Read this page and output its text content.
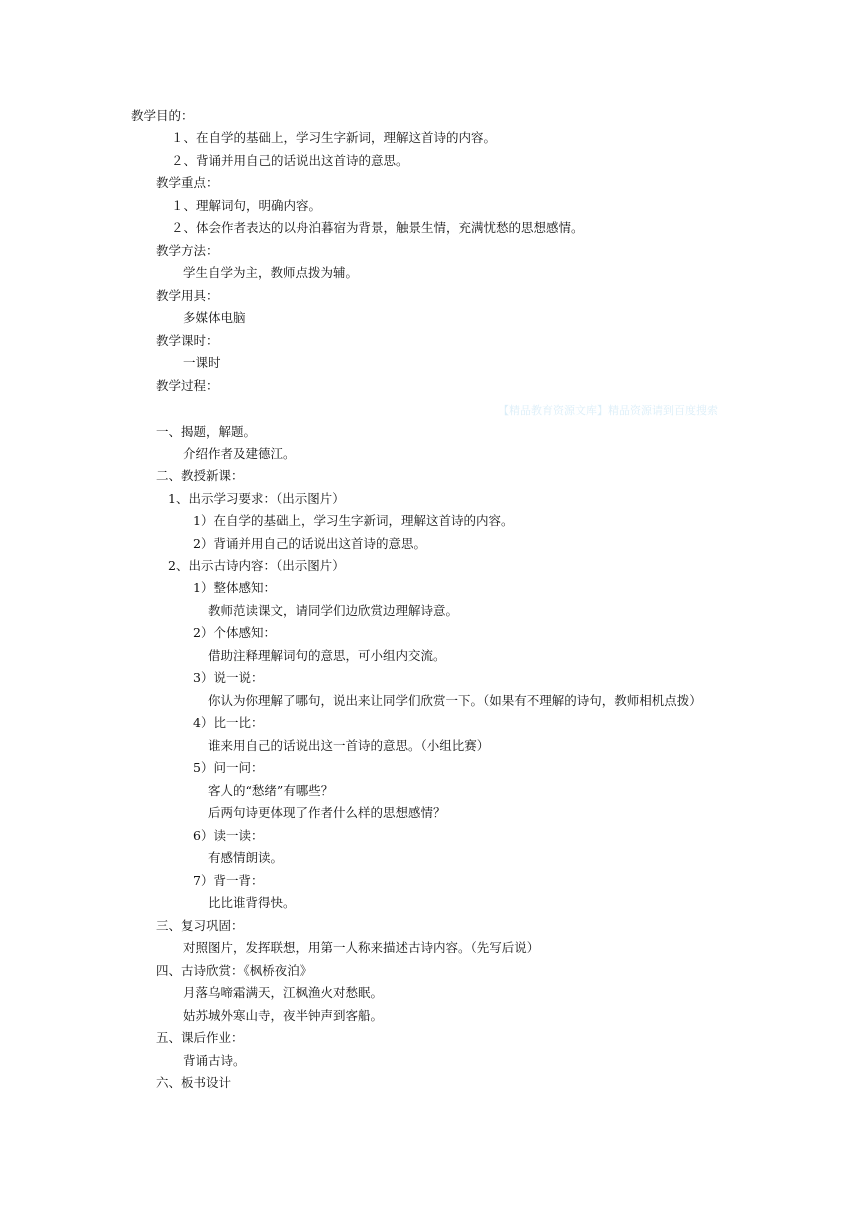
教学目的：
１、在自学的基础上，学习生字新词，理解这首诗的内容。
２、背诵并用自己的话说出这首诗的意思。
教学重点：
１、理解词句，明确内容。
２、体会作者表达的以舟泊暮宿为背景，触景生情，充满忧愁的思想感情。
教学方法：
学生自学为主，教师点拨为辅。
教学用具：
多媒体电脑
教学课时：
一课时
教学过程：
【精品教育资源文库】精品资源请到百度搜索
一、揭题，解题。
介绍作者及建德江。
二、教授新课：
1、出示学习要求：（出示图片）
1）在自学的基础上，学习生字新词，理解这首诗的内容。
2）背诵并用自己的话说出这首诗的意思。
2、出示古诗内容：（出示图片）
1）整体感知：
教师范读课文，请同学们边欣赏边理解诗意。
2）个体感知：
借助注释理解词句的意思，可小组内交流。
3）说一说：
你认为你理解了哪句，说出来让同学们欣赏一下。（如果有不理解的诗句，教师相机点拨）
4）比一比：
谁来用自己的话说出这一首诗的意思。（小组比赛）
5）问一问：
客人的“愁绪”有哪些？
后两句诗更体现了作者什么样的思想感情？
6）读一读：
有感情朗读。
7）背一背：
比比谁背得快。
三、复习巩固：
对照图片，发挥联想，用第一人称来描述古诗内容。（先写后说）
四、古诗欣赏：《枫桥夜泊》
月落乌啼霜满天，江枫渔火对愁眠。
姑苏城外寒山寺，夜半钟声到客船。
五、课后作业：
背诵古诗。
六、板书设计
